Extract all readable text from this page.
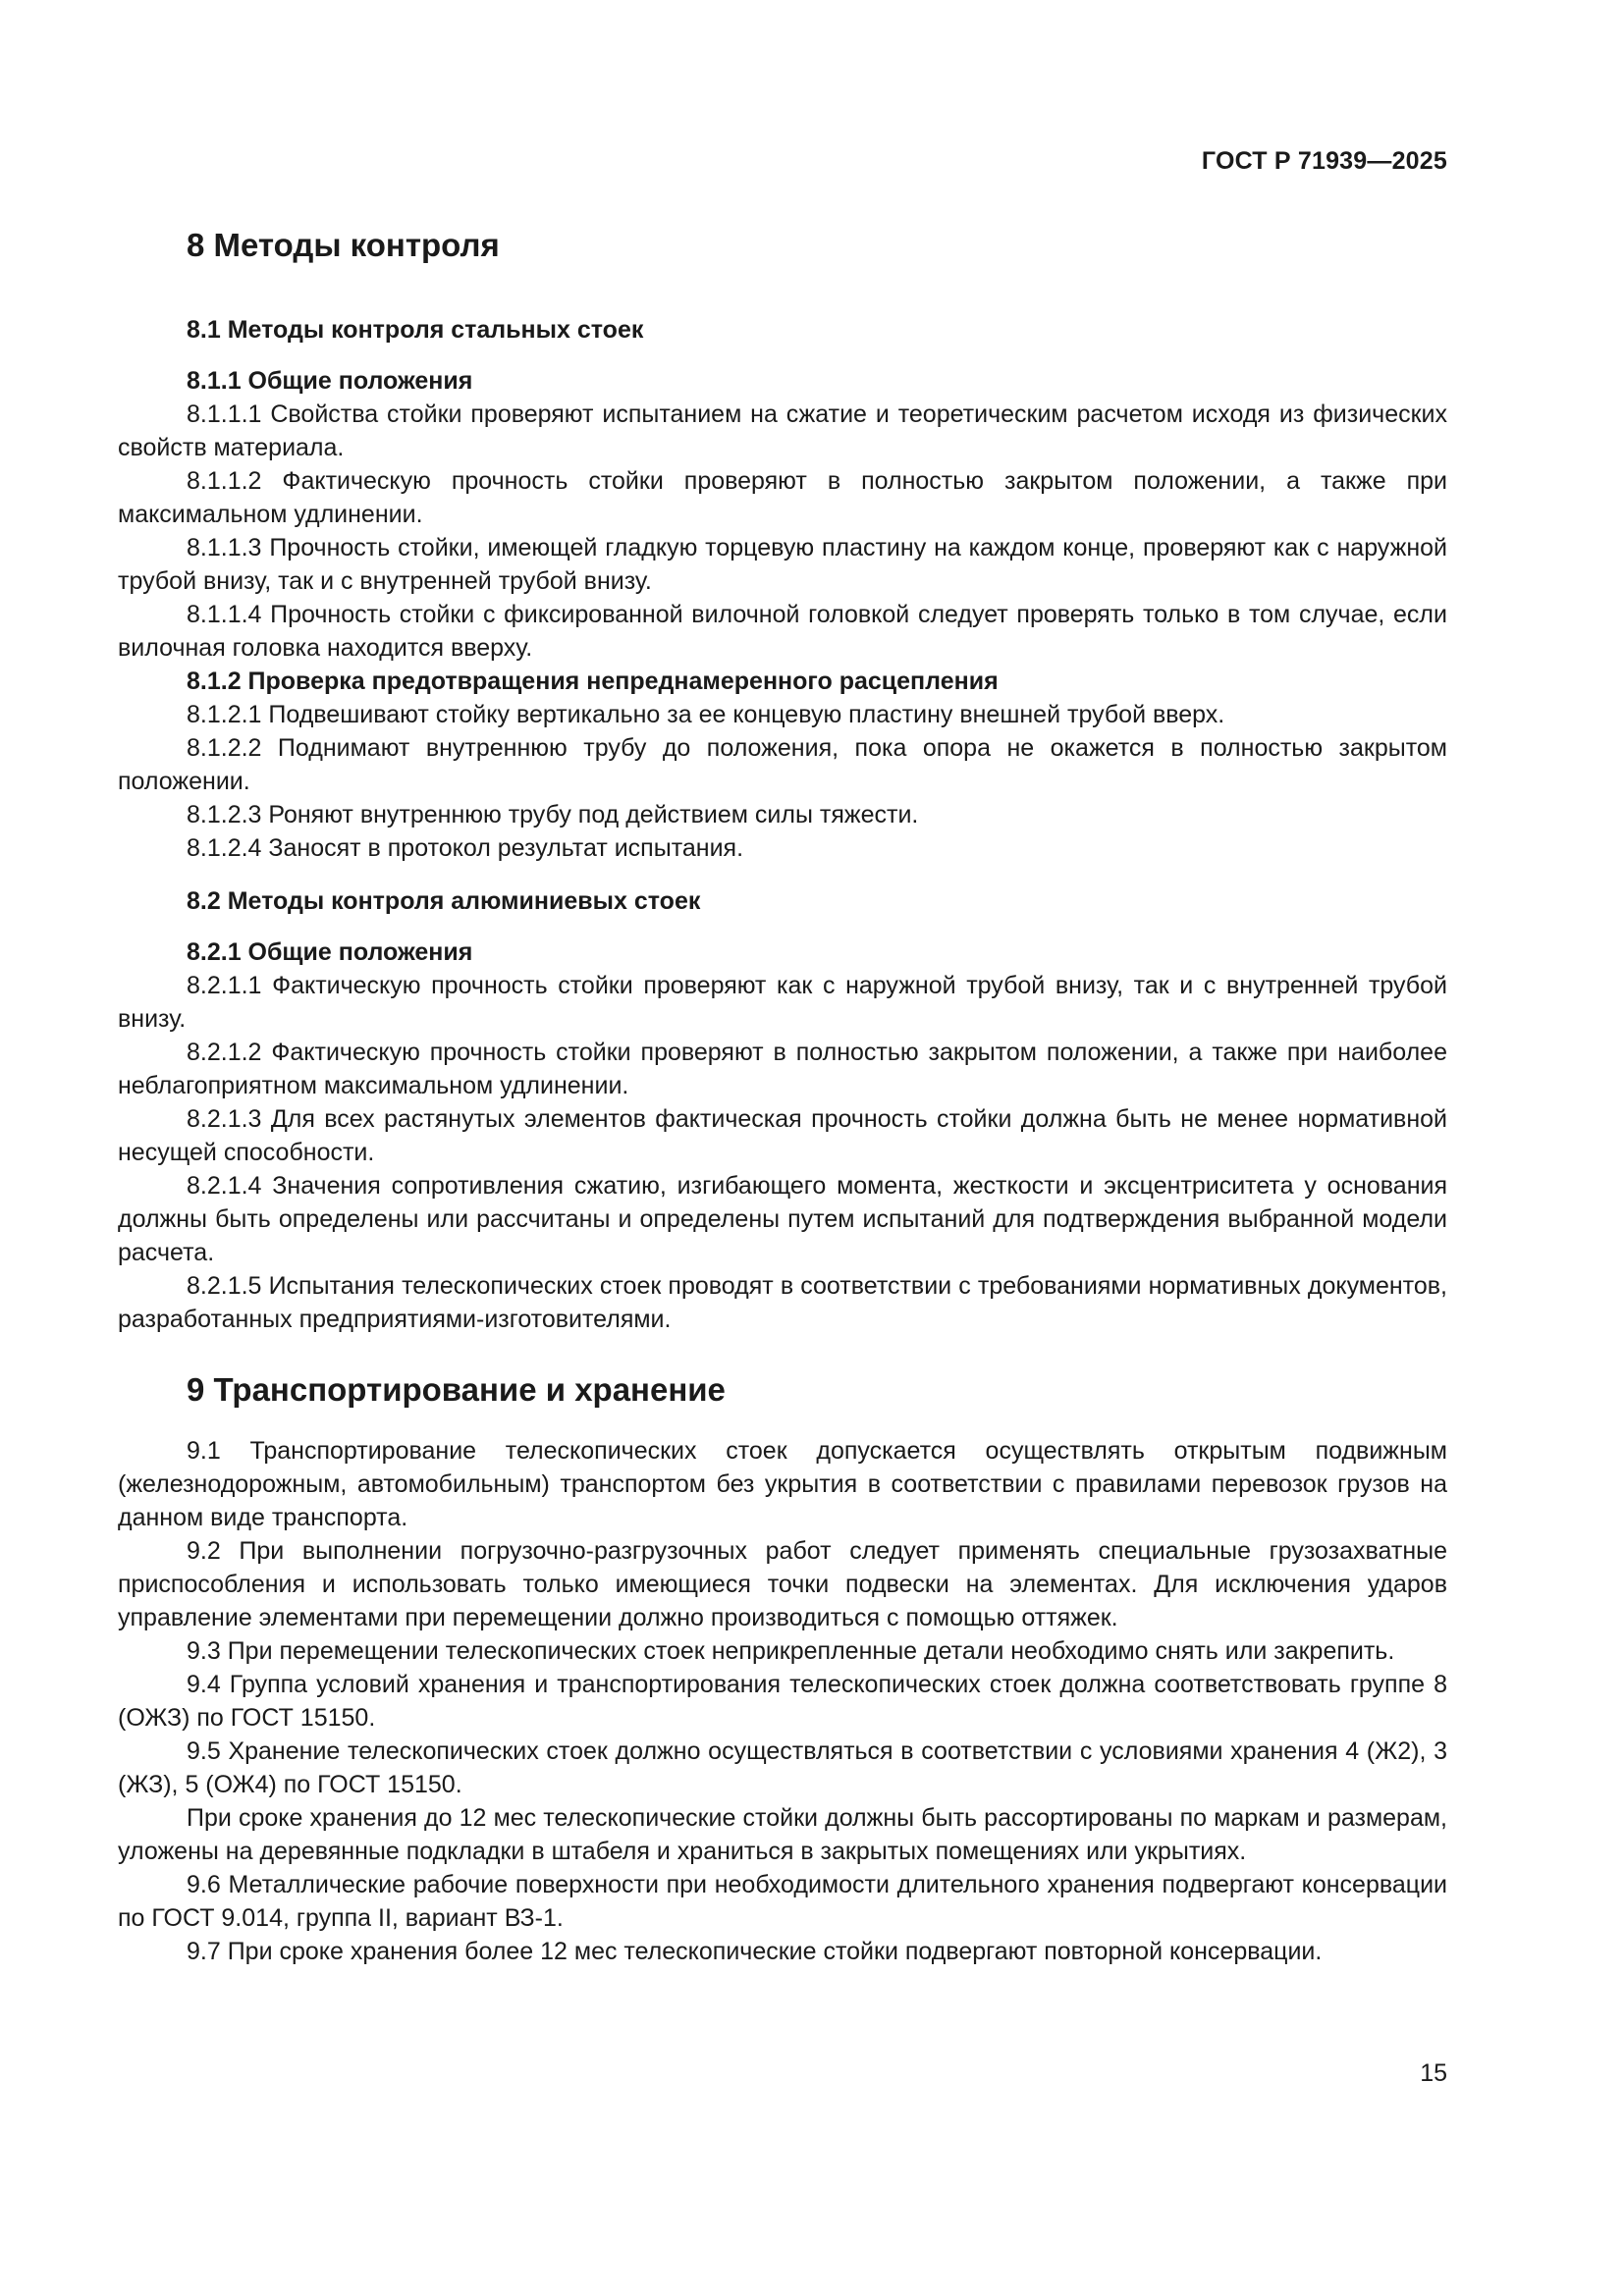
ГОСТ Р 71939—2025
8 Методы контроля
8.1 Методы контроля стальных стоек
8.1.1 Общие положения

8.1.1.1 Свойства стойки проверяют испытанием на сжатие и теоретическим расчетом исходя из физических свойств материала.

8.1.1.2 Фактическую прочность стойки проверяют в полностью закрытом положении, а также при максимальном удлинении.

8.1.1.3 Прочность стойки, имеющей гладкую торцевую пластину на каждом конце, проверяют как с наружной трубой внизу, так и с внутренней трубой внизу.

8.1.1.4 Прочность стойки с фиксированной вилочной головкой следует проверять только в том случае, если вилочная головка находится вверху.

8.1.2 Проверка предотвращения непреднамеренного расцепления

8.1.2.1 Подвешивают стойку вертикально за ее концевую пластину внешней трубой вверх.

8.1.2.2 Поднимают внутреннюю трубу до положения, пока опора не окажется в полностью закрытом положении.

8.1.2.3 Роняют внутреннюю трубу под действием силы тяжести.

8.1.2.4 Заносят в протокол результат испытания.

8.2 Методы контроля алюминиевых стоек
8.2.1 Общие положения

8.2.1.1 Фактическую прочность стойки проверяют как с наружной трубой внизу, так и с внутренней трубой внизу.

8.2.1.2 Фактическую прочность стойки проверяют в полностью закрытом положении, а также при наиболее неблагоприятном максимальном удлинении.

8.2.1.3 Для всех растянутых элементов фактическая прочность стойки должна быть не менее нормативной несущей способности.

8.2.1.4 Значения сопротивления сжатию, изгибающего момента, жесткости и эксцентриситета у основания должны быть определены или рассчитаны и определены путем испытаний для подтверждения выбранной модели расчета.

8.2.1.5 Испытания телескопических стоек проводят в соответствии с требованиями нормативных документов, разработанных предприятиями-изготовителями.

9 Транспортирование и хранение

9.1 Транспортирование телескопических стоек допускается осуществлять открытым подвижным (железнодорожным, автомобильным) транспортом без укрытия в соответствии с правилами перевозок грузов на данном виде транспорта.

9.2 При выполнении погрузочно-разгрузочных работ следует применять специальные грузозахватные приспособления и использовать только имеющиеся точки подвески на элементах. Для исключения ударов управление элементами при перемещении должно производиться с помощью оттяжек.

9.3 При перемещении телескопических стоек неприкрепленные детали необходимо снять или закрепить.

9.4 Группа условий хранения и транспортирования телескопических стоек должна соответствовать группе 8 (ОЖЗ) по ГОСТ 15150.

9.5 Хранение телескопических стоек должно осуществляться в соответствии с условиями хранения 4 (Ж2), 3 (ЖЗ), 5 (ОЖ4) по ГОСТ 15150.

При сроке хранения до 12 мес телескопические стойки должны быть рассортированы по маркам и размерам, уложены на деревянные подкладки в штабеля и храниться в закрытых помещениях или укрытиях.

9.6 Металлические рабочие поверхности при необходимости длительного хранения подвергают консервации по ГОСТ 9.014, группа II, вариант ВЗ-1.

9.7 При сроке хранения более 12 мес телескопические стойки подвергают повторной консервации.

15
